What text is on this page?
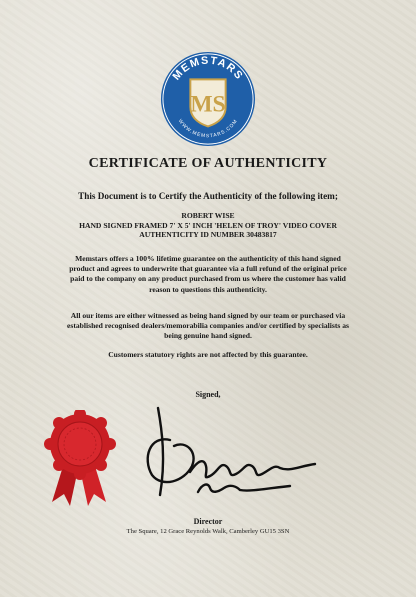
MEMSTARS
WWW.MEMSTARS.COM
MS
CERTIFICATE OF AUTHENTICITY
This Document is to Certify the Authenticity of the following item;
ROBERT WISE
HAND SIGNED FRAMED 7' X 5' INCH 'HELEN OF TROY' VIDEO COVER
AUTHENTICITY ID NUMBER 30483817

Memstars offers a 100% lifetime guarantee on the authenticity of this hand signed
product and agrees to underwrite that guarantee via a full refund of the original price
paid to the company on any product purchased from us where the customer has valid
reason to questions this authenticity.

All our items are either witnessed as being hand signed by our team or purchased via
established recognised dealers/memorabilia companies and/or certified by specialists as
being genuine hand signed.

Customers statutory rights are not affected by this guarantee.

Signed,
Director
The Square, 12 Grace Reynolds Walk, Camberley GU15 3SN
